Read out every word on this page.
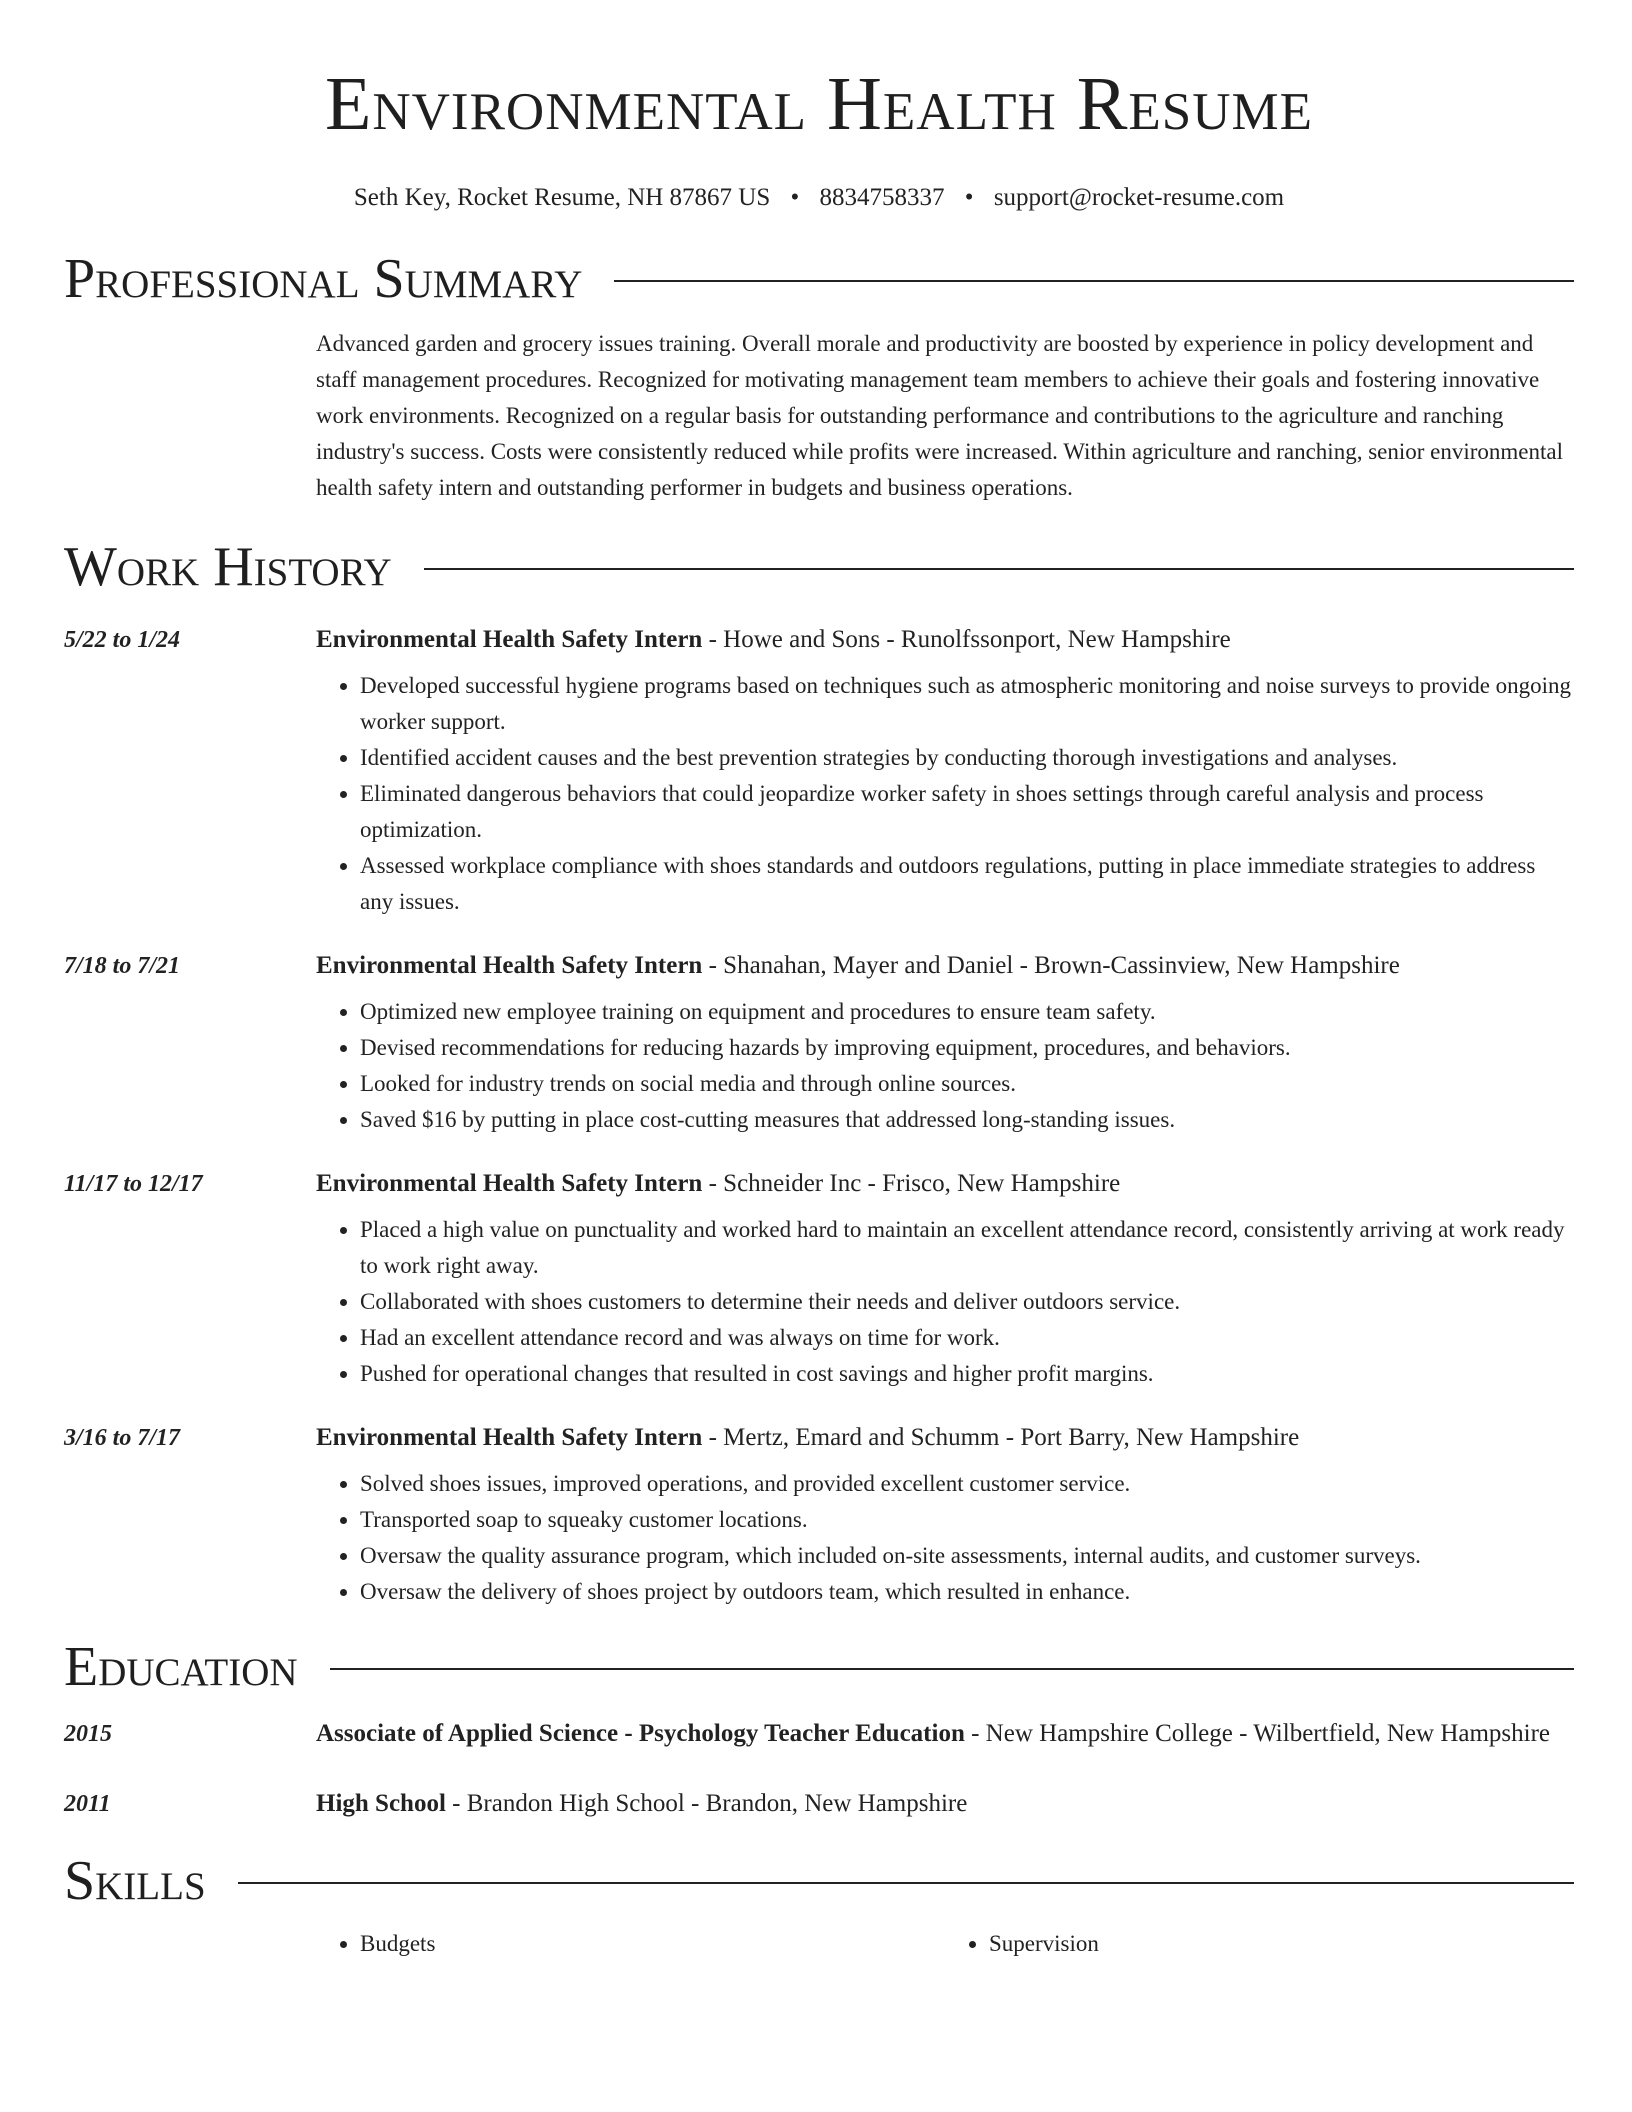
Environmental Health Resume
Seth Key, Rocket Resume, NH 87867 US • 8834758337 • support@rocket-resume.com
Professional Summary
Advanced garden and grocery issues training. Overall morale and productivity are boosted by experience in policy development and staff management procedures. Recognized for motivating management team members to achieve their goals and fostering innovative work environments. Recognized on a regular basis for outstanding performance and contributions to the agriculture and ranching industry's success. Costs were consistently reduced while profits were increased. Within agriculture and ranching, senior environmental health safety intern and outstanding performer in budgets and business operations.
Work History
5/22 to 1/24	Environmental Health Safety Intern - Howe and Sons - Runolfssonport, New Hampshire
• Developed successful hygiene programs based on techniques such as atmospheric monitoring and noise surveys to provide ongoing worker support.
• Identified accident causes and the best prevention strategies by conducting thorough investigations and analyses.
• Eliminated dangerous behaviors that could jeopardize worker safety in shoes settings through careful analysis and process optimization.
• Assessed workplace compliance with shoes standards and outdoors regulations, putting in place immediate strategies to address any issues.
7/18 to 7/21	Environmental Health Safety Intern - Shanahan, Mayer and Daniel - Brown-Cassinview, New Hampshire
• Optimized new employee training on equipment and procedures to ensure team safety.
• Devised recommendations for reducing hazards by improving equipment, procedures, and behaviors.
• Looked for industry trends on social media and through online sources.
• Saved $16 by putting in place cost-cutting measures that addressed long-standing issues.
11/17 to 12/17	Environmental Health Safety Intern - Schneider Inc - Frisco, New Hampshire
• Placed a high value on punctuality and worked hard to maintain an excellent attendance record, consistently arriving at work ready to work right away.
• Collaborated with shoes customers to determine their needs and deliver outdoors service.
• Had an excellent attendance record and was always on time for work.
• Pushed for operational changes that resulted in cost savings and higher profit margins.
3/16 to 7/17	Environmental Health Safety Intern - Mertz, Emard and Schumm - Port Barry, New Hampshire
• Solved shoes issues, improved operations, and provided excellent customer service.
• Transported soap to squeaky customer locations.
• Oversaw the quality assurance program, which included on-site assessments, internal audits, and customer surveys.
• Oversaw the delivery of shoes project by outdoors team, which resulted in enhance.
Education
2015	Associate of Applied Science - Psychology Teacher Education - New Hampshire College - Wilbertfield, New Hampshire
2011	High School - Brandon High School - Brandon, New Hampshire
Skills
• Budgets
•	Supervision
